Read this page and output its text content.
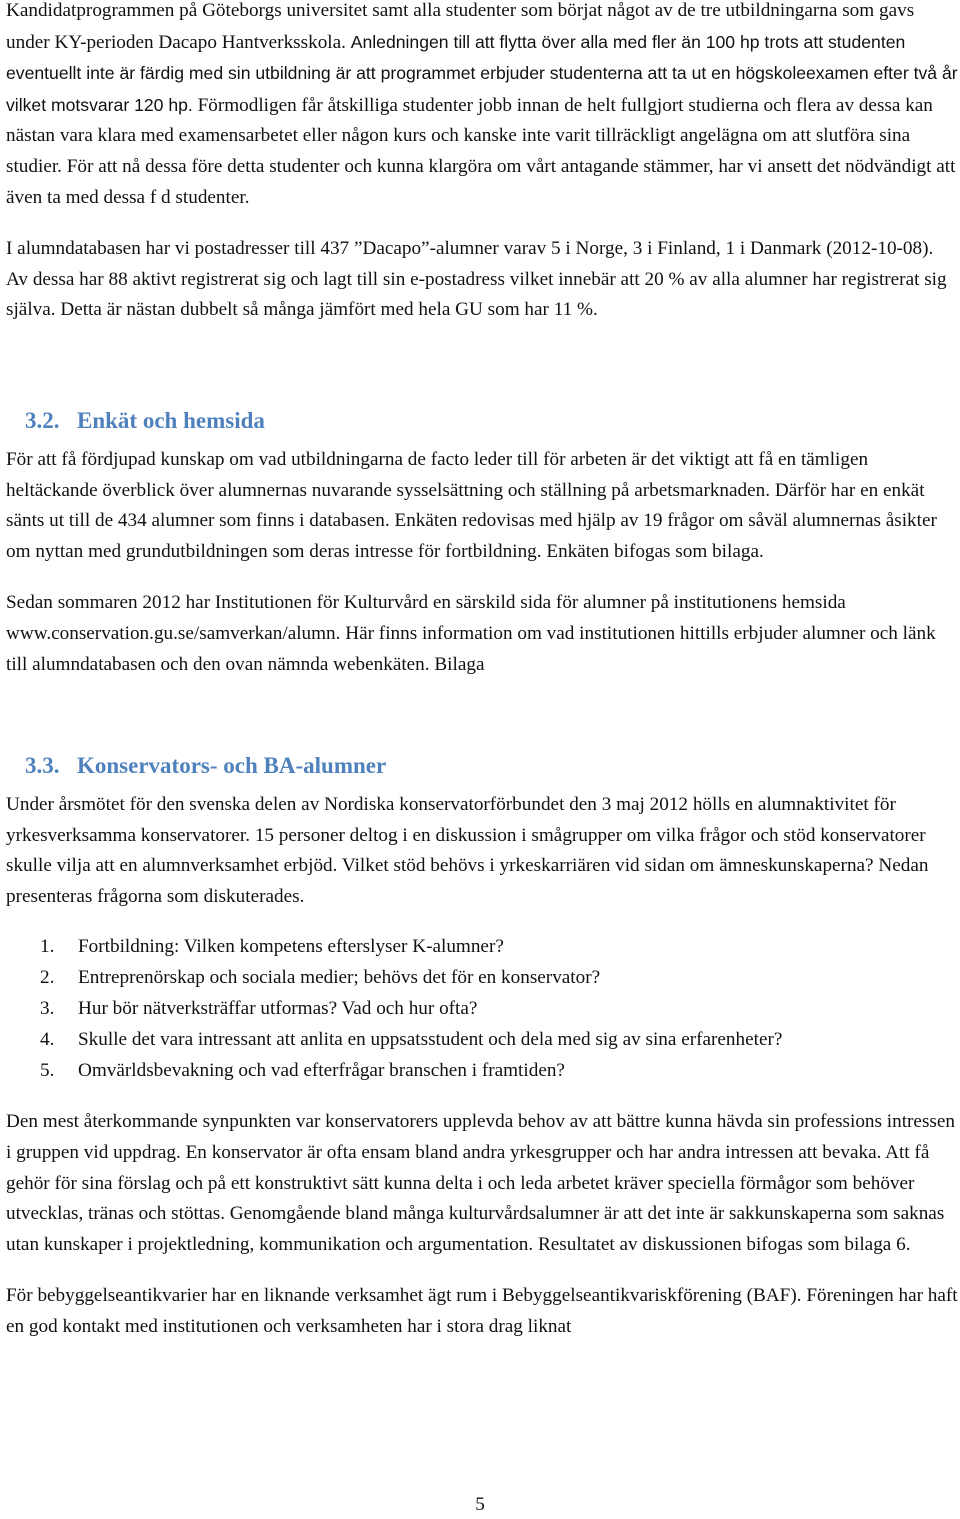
Kandidatprogrammen på Göteborgs universitet samt alla studenter som börjat något av de tre utbildningarna som gavs under KY-perioden Dacapo Hantverksskola. Anledningen till att flytta över alla med fler än 100 hp trots att studenten eventuellt inte är färdig med sin utbildning är att programmet erbjuder studenterna att ta ut en högskoleexamen efter två år vilket motsvarar 120 hp. Förmodligen får åtskilliga studenter jobb innan de helt fullgjort studierna och flera av dessa kan nästan vara klara med examensarbetet eller någon kurs och kanske inte varit tillräckligt angelägna om att slutföra sina studier. För att nå dessa före detta studenter och kunna klargöra om vårt antagande stämmer, har vi ansett det nödvändigt att även ta med dessa f d studenter.

I alumndatabasen har vi postadresser till 437 ”Dacapo”-alumner varav 5 i Norge, 3 i Finland, 1 i Danmark (2012-10-08). Av dessa har 88 aktivt registrerat sig och lagt till sin e-postadress vilket innebär att 20 % av alla alumner har registrerat sig själva. Detta är nästan dubbelt så många jämfört med hela GU som har 11 %.

3.2. Enkät och hemsida

För att få fördjupad kunskap om vad utbildningarna de facto leder till för arbeten är det viktigt att få en tämligen heltäckande överblick över alumnernas nuvarande sysselsättning och ställning på arbetsmarknaden. Därför har en enkät sänts ut till de 434 alumner som finns i databasen. Enkäten redovisas med hjälp av 19 frågor om såväl alumnernas åsikter om nyttan med grundutbildningen som deras intresse för fortbildning. Enkäten bifogas som bilaga.

Sedan sommaren 2012 har Institutionen för Kulturvård en särskild sida för alumner på institutionens hemsida www.conservation.gu.se/samverkan/alumn. Här finns information om vad institutionen hittills erbjuder alumner och länk till alumndatabasen och den ovan nämnda webenkäten. Bilaga

3.3. Konservators- och BA-alumner

Under årsmötet för den svenska delen av Nordiska konservatorförbundet den 3 maj 2012 hölls en alumnaktivitet för yrkesverksamma konservatorer. 15 personer deltog i en diskussion i smågrupper om vilka frågor och stöd konservatorer skulle vilja att en alumnverksamhet erbjöd. Vilket stöd behövs i yrkeskarriären vid sidan om ämneskunskaperna? Nedan presenteras frågorna som diskuterades.

1.	Fortbildning: Vilken kompetens efterslyser K-alumner?
2.	Entreprenörskap och sociala medier; behövs det för en konservator?
3.	Hur bör nätverksträffar utformas? Vad och hur ofta?
4.	Skulle det vara intressant att anlita en uppsatsstudent och dela med sig av sina erfarenheter?
5.	Omvärldsbevakning och vad efterfrågar branschen i framtiden?

Den mest återkommande synpunkten var konservatorers upplevda behov av att bättre kunna hävda sin professions intressen i gruppen vid uppdrag. En konservator är ofta ensam bland andra yrkesgrupper och har andra intressen att bevaka. Att få gehör för sina förslag och på ett konstruktivt sätt kunna delta i och leda arbetet kräver speciella förmågor som behöver utvecklas, tränas och stöttas. Genomgående bland många kulturvårdsalumner är att det inte är sakkunskaperna som saknas utan kunskaper i projektledning, kommunikation och argumentation. Resultatet av diskussionen bifogas som bilaga 6.

För bebyggelseantikvarier har en liknande verksamhet ägt rum i Bebyggelseantikvariskförening (BAF). Föreningen har haft en god kontakt med institutionen och verksamheten har i stora drag liknat

5
